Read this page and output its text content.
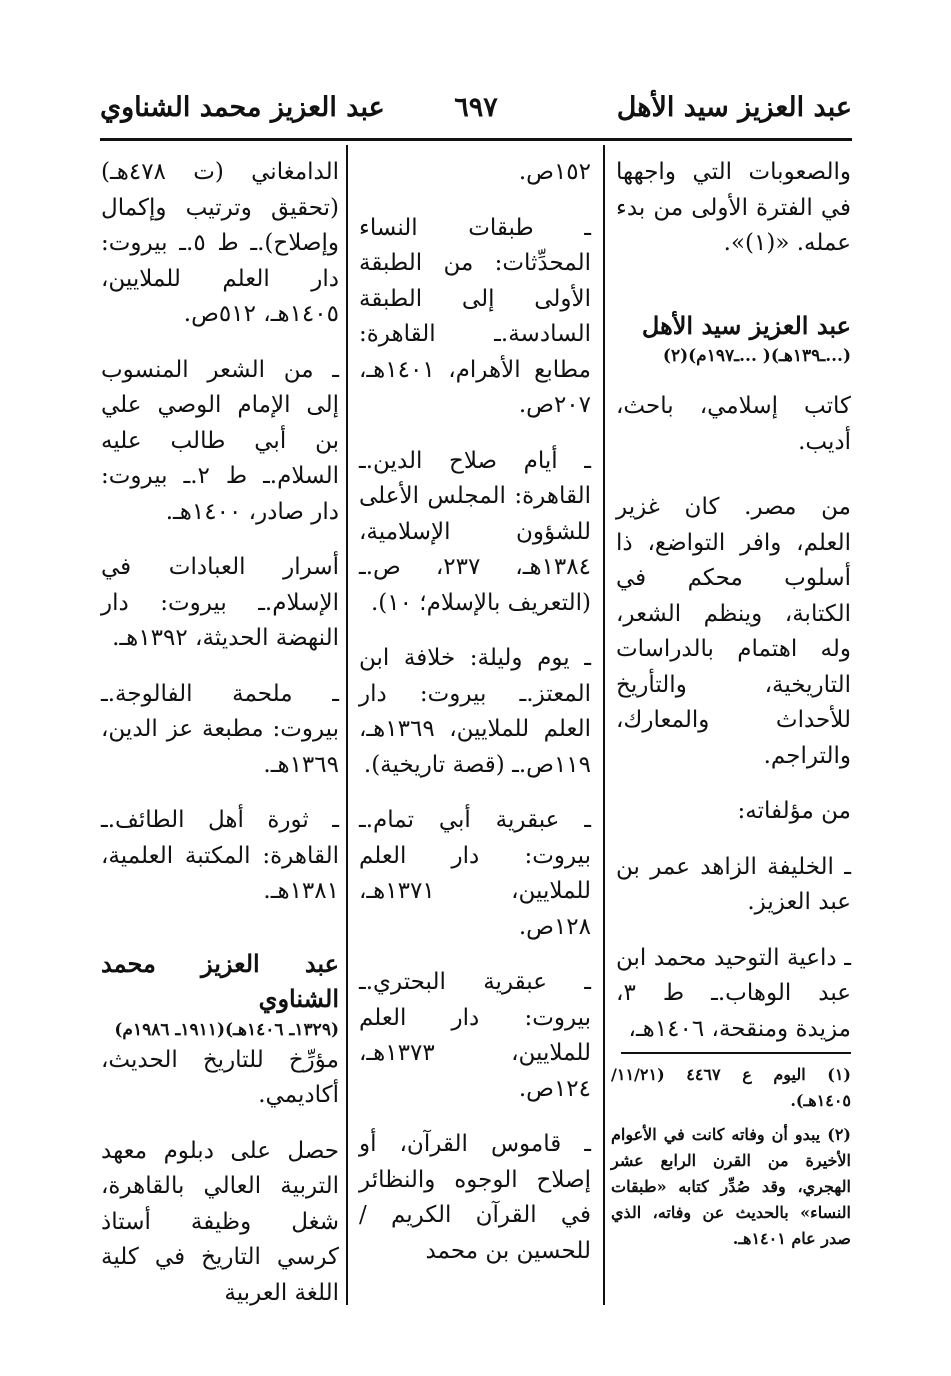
عبد العزيز سيد الأهل
٦٩٧
عبد العزيز محمد الشناوي

والصعوبات التي واجهها في الفترة الأولى من بدء عمله. «(١)».

عبد العزيز سيد الأهل

(...ـ١٣٩هـ)( ...ـ١٩٧م)(٢)

كاتب إسلامي، باحث، أديب.

من مصر. كان غزير العلم، وافر التواضع، ذا أسلوب محكم في الكتابة، وينظم الشعر، وله اهتمام بالدراسات التاريخية، والتأريخ للأحداث والمعارك، والتراجم.

من مؤلفاته:

ـ الخليفة الزاهد عمر بن عبد العزيز.

ـ داعية التوحيد محمد ابن عبد الوهاب.ـ ط ٣، مزيدة ومنقحة، ١٤٠٦هـ،

١٥٢ص.

ـ طبقات النساء المحدِّثات: من الطبقة الأولى إلى الطبقة السادسة.ـ القاهرة: مطابع الأهرام، ١٤٠١هـ، ٢٠٧ص.

ـ أيام صلاح الدين.ـ القاهرة: المجلس الأعلى للشؤون الإسلامية، ١٣٨٤هـ، ٢٣٧، ص.ـ (التعريف بالإسلام؛ ١٠).

ـ يوم وليلة: خلافة ابن المعتز.ـ بيروت: دار العلم للملايين، ١٣٦٩هـ، ١١٩ص.ـ (قصة تاريخية).

ـ عبقرية أبي تمام.ـ بيروت: دار العلم للملايين، ١٣٧١هـ، ١٢٨ص.

ـ عبقرية البحتري.ـ بيروت: دار العلم للملايين، ١٣٧٣هـ، ١٢٤ص.

ـ قاموس القرآن، أو إصلاح الوجوه والنظائر في القرآن الكريم / للحسين بن محمد

الدامغاني (ت ٤٧٨هـ) (تحقيق وترتيب وإكمال وإصلاح).ـ ط ٥.ـ بيروت: دار العلم للملايين، ١٤٠٥هـ، ٥١٢ص.

ـ من الشعر المنسوب إلى الإمام الوصي علي بن أبي طالب عليه السلام.ـ ط ٢.ـ بيروت: دار صادر، ١٤٠٠هـ.

أسرار العبادات في الإسلام.ـ بيروت: دار النهضة الحديثة، ١٣٩٢هـ.

ـ ملحمة الفالوجة.ـ بيروت: مطبعة عز الدين، ١٣٦٩هـ.

ـ ثورة أهل الطائف.ـ القاهرة: المكتبة العلمية، ١٣٨١هـ.

عبد العزيز محمد الشناوي

(١٣٢٩ـ ١٤٠٦هـ)(١٩١١ـ ١٩٨٦م)

مؤرِّخ للتاريخ الحديث، أكاديمي.

حصل على دبلوم معهد التربية العالي بالقاهرة، شغل وظيفة أستاذ كرسي التاريخ في كلية اللغة العربية

(١) اليوم ع ٤٤٦٧ (١١/٢١/ ١٤٠٥هـ).

(٢) يبدو أن وفاته كانت في الأعوام الأخيرة من القرن الرابع عشر الهجري، وقد صُدِّر كتابه «طبقات النساء» بالحديث عن وفاته، الذي صدر عام ١٤٠١هـ.
